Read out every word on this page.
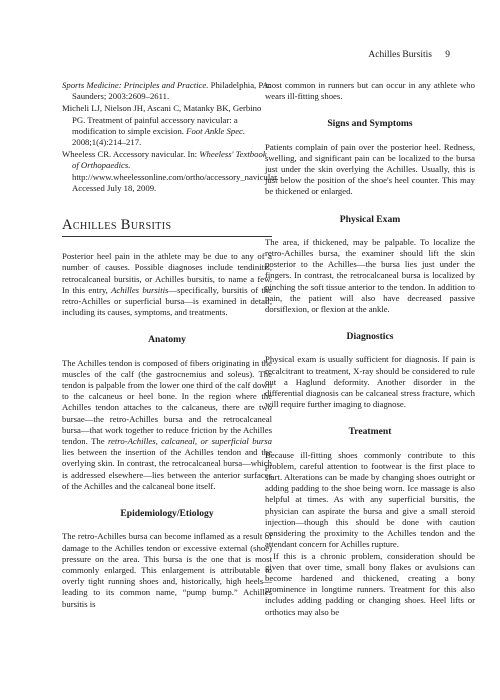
Achilles Bursitis 9
Sports Medicine: Principles and Practice. Philadelphia, PA: Saunders; 2003:2609–2611.
Micheli LJ, Nielson JH, Ascani C, Matanky BK, Gerbino PG. Treatment of painful accessory navicular: a modification to simple excision. Foot Ankle Spec. 2008;1(4):214–217.
Wheeless CR. Accessory navicular. In: Wheeless' Textbook of Orthopaedics. http://www.wheelessonline.com/ortho/accessory_navicular. Accessed July 18, 2009.
Achilles Bursitis

Posterior heel pain in the athlete may be due to any of a number of causes. Possible diagnoses include tendinitis, retrocalcaneal bursitis, or Achilles bursitis, to name a few. In this entry, Achilles bursitis—specifically, bursitis of the retro-Achilles or superficial bursa—is examined in detail, including its causes, symptoms, and treatments.

Anatomy

The Achilles tendon is composed of fibers originating in the muscles of the calf (the gastrocnemius and soleus). The tendon is palpable from the lower one third of the calf down to the calcaneus or heel bone. In the region where the Achilles tendon attaches to the calcaneus, there are two bursae—the retro-Achilles bursa and the retrocalcaneal bursa—that work together to reduce friction by the Achilles tendon. The retro-Achilles, calcaneal, or superficial bursa lies between the insertion of the Achilles tendon and the overlying skin. In contrast, the retrocalcaneal bursa—which is addressed elsewhere—lies between the anterior surfaces of the Achilles and the calcaneal bone itself.

Epidemiology/Etiology

The retro-Achilles bursa can become inflamed as a result of damage to the Achilles tendon or excessive external (shoe) pressure on the area. This bursa is the one that is most commonly enlarged. This enlargement is attributable to overly tight running shoes and, historically, high heels—leading to its common name, “pump bump.” Achilles bursitis is

most common in runners but can occur in any athlete who wears ill-fitting shoes.

Signs and Symptoms

Patients complain of pain over the posterior heel. Redness, swelling, and significant pain can be localized to the bursa just under the skin overlying the Achilles. Usually, this is just below the position of the shoe's heel counter. This may be thickened or enlarged.

Physical Exam

The area, if thickened, may be palpable. To localize the retro-Achilles bursa, the examiner should lift the skin posterior to the Achilles—the bursa lies just under the fingers. In contrast, the retrocalcaneal bursa is localized by pinching the soft tissue anterior to the tendon. In addition to pain, the patient will also have decreased passive dorsiflexion, or flexion at the ankle.

Diagnostics

Physical exam is usually sufficient for diagnosis. If pain is recalcitrant to treatment, X-ray should be considered to rule out a Haglund deformity. Another disorder in the differential diagnosis can be calcaneal stress fracture, which will require further imaging to diagnose.

Treatment

Because ill-fitting shoes commonly contribute to this problem, careful attention to footwear is the first place to start. Alterations can be made by changing shoes outright or adding padding to the shoe being worn. Ice massage is also helpful at times. As with any superficial bursitis, the physician can aspirate the bursa and give a small steroid injection—though this should be done with caution considering the proximity to the Achilles tendon and the attendant concern for Achilles rupture.

If this is a chronic problem, consideration should be given that over time, small bony flakes or avulsions can become hardened and thickened, creating a bony prominence in longtime runners. Treatment for this also includes adding padding or changing shoes. Heel lifts or orthotics may also be
